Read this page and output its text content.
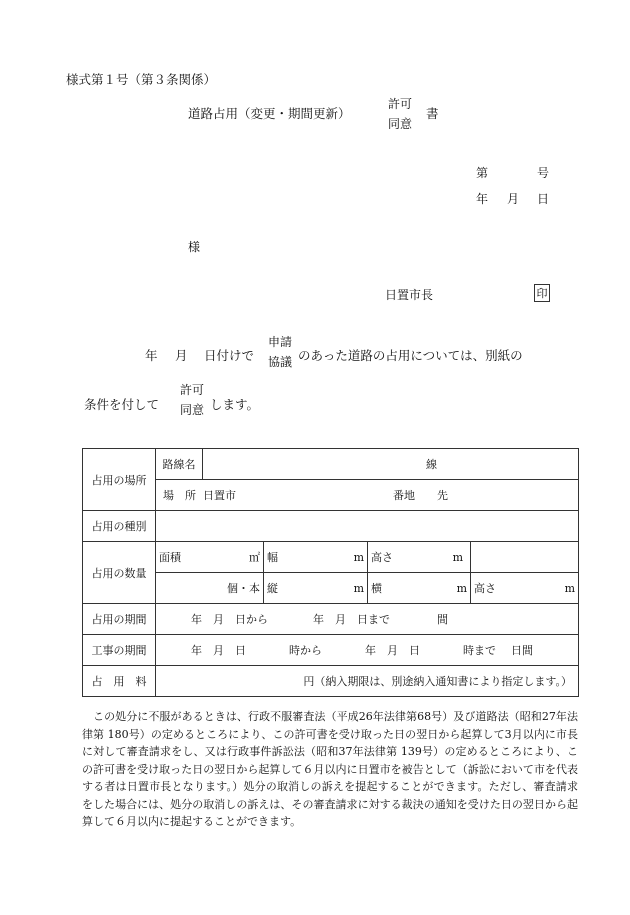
様式第１号（第３条関係）
道路占用（変更・期間更新）
許可
同意
書
第	号
年 月 日
様
日置市長	印
年 月 日付けで
申請
協議 のあった道路の占用については、別紙の
条件を付して
許可
同意 します。
占用の場所	路線名	線			

	場　所 日置市 番地　　先				

占用の種別					
占用の数量	面積 ㎡		幅 m	高さ m	

	個・本		縦 m	横 m	高さ m

占用の期間	年　月　日から 年　月　日まで 間				

工事の期間	年　月　日 時から 年　月　日 時まで 日間				

占　用　料	円（納入期限は、別途納入通知書により指定します。）				

この処分に不服があるときは、行政不服審査法（平成26年法律第68号）及び道路法（昭和27年法律第 180号）の定めるところにより、この許可書を受け取った日の翌日から起算して3月以内に市長に対して審査請求をし、又は行政事件訴訟法（昭和37年法律第 139号）の定めるところにより、この許可書を受け取った日の翌日から起算して６月以内に日置市を被告として（訴訟において市を代表する者は日置市長となります。）処分の取消しの訴えを提起することができます。ただし、審査請求をした場合には、処分の取消しの訴えは、その審査請求に対する裁決の通知を受けた日の翌日から起算して６月以内に提起することができます。
